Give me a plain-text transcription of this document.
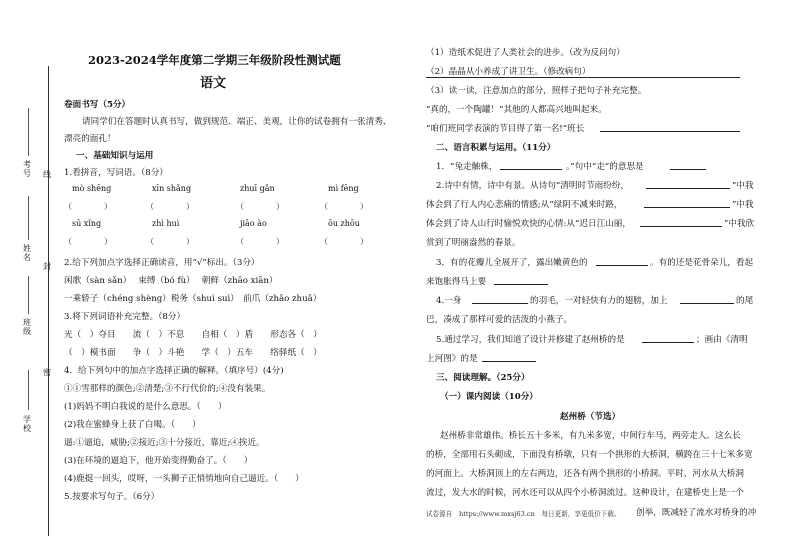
考号 线
姓名
封
班级
密
学校
2023-2024学年度第二学期三年级阶段性测试题
语文
卷面书写（5分）
请同学们在答题时认真书写，做到规范、端正、美观，让你的试卷拥有一张清秀、
漂亮的面孔！
一、基础知识与运用
1.看拼音，写词语。（8分）
mò shēng	xīn shǎng	zhuī gǎn	mì fēng
（　　　　）	（　　　　）	（　　　　）	（　　　　）
sū xǐng	zhì huì	jiāo ào	ōu zhōu
（　　　　）	（　　　　）	（　　　　）	（　　　　）
2.给下列加点字选择正确读音，用“√”标出。（3分）
闲歌（sàn sǎn）　 束缚（bó fù）　 朝鲜（zhāo xiān）
一乘轿子（chéng shèng）税务（shuì suì）　前爪（zhǎo zhuǎ）
3.将下列词语补充完整。（8分）
光（　）夺目　　流（　）不息　　自相（　）盾　　形态各（　）
（　）模书面　　争（　）斗艳　　学（　）五车　　络驿纸（　）
4．给下列句中的加点字选择正确的解释。（填序号）(4分)
①①雪那样的颜色;②清楚;③不行代价的;④没有装果。
(1)妈妈不明白我说的是什么意思。（　　）
(2)我在蜜蜂身上获了白喝。（　　）
逼:①逼迫，威胁;②接近;③十分接近，靠近;④挨近。
(3)在环境的逼迫下，他开始变得勤奋了。（　　）
(4)鹿挺一回头，哎呀，一头狮子正悄悄地向自己逼近。（　　）
5.按要求写句子。（6分）
（1）造纸术促进了人类社会的进步。（改为反问句）
（2）晶晶从小养成了讲卫生。（修改病句）
（3）读一读，注意加点的部分，照样子把句子补充完整。
“真的，一个陶罐！”其他的人都高兴地叫起来。
“咱们班同学表演的节目得了第一名!”班长
二、语言积累与运用。（11分）
1．“兔走触株，	。”句中“走”的意思是
2.诗中有情，诗中有景。从诗句“清明时节雨纷纷，	”中我
体会到了行人内心悲痛的情感;从“绿阴不减来时路，	”中我
体会到了诗人山行时愉悦欢快的心情:从“迟日江山丽，	”中我欣
赏到了明丽盎然的春景。
3．有的花瓣儿全展开了，露出嫩黄色的	。有的还是花骨朵儿，看起
来饱胀得马上要
4.一身	的羽毛，一对轻快有力的翅膀，加上	的尾
巴，凑成了那样可爱的活泼的小燕子。
5.通过学习，我们知道了设计并修建了赵州桥的是	；画由《清明
上河图》的是
三、阅读理解。（25分）
（一）课内阅读（10分）
赵州桥（节选）
赵州桥非常雄伟。桥长五十多米，有九米多宽，中间行车马，两旁走人。这么长
的桥，全部用石头砌成，下面没有桥墩，只有一个拱形的大桥洞，横跨在三十七米多宽
的河面上。大桥洞顶上的左右两边，还各有两个拱形的小桥洞。平时，河水从大桥洞
流过，发大水的时候，河水还可以从四个小桥洞流过。这种设计，在建桥史上是一个
试卷源自　https://www.mxsj63.cn　每日更新，享更低价下载。 创举，既减轻了流水对桥身的冲
